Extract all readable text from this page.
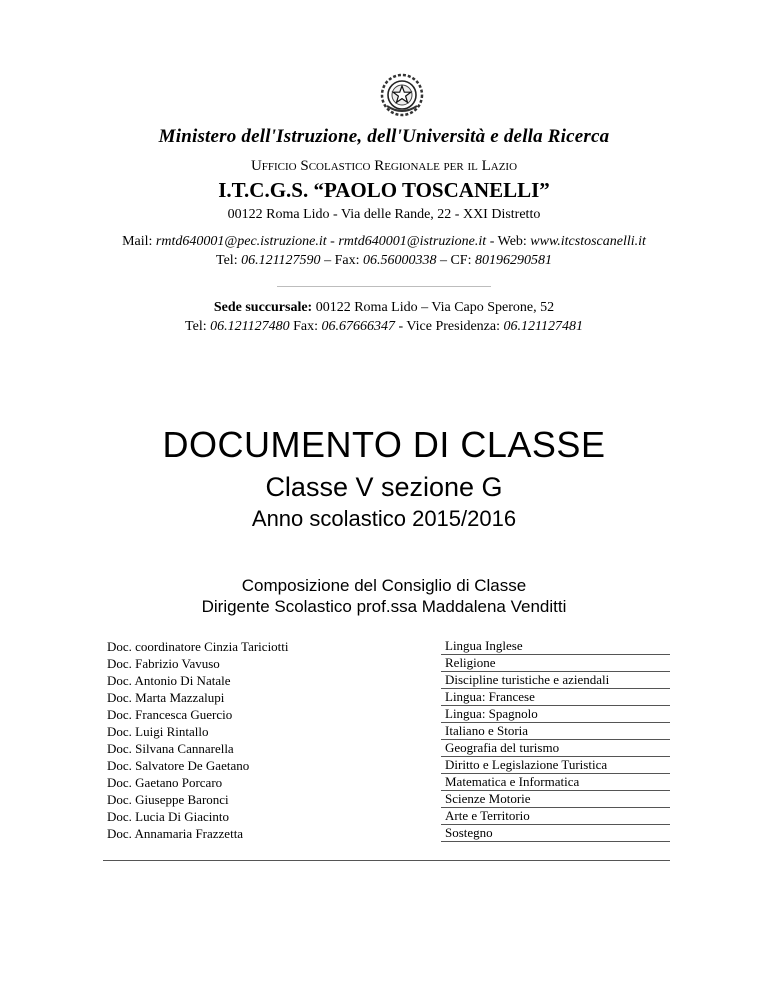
Ministero dell'Istruzione, dell'Università e della Ricerca
Ufficio Scolastico Regionale per il Lazio
I.T.C.G.S. “PAOLO TOSCANELLI”
00122 Roma Lido - Via delle Rande, 22 - XXI Distretto
Mail: rmtd640001@pec.istruzione.it - rmtd640001@istruzione.it - Web: www.itcstoscanelli.it
Tel: 06.121127590 – Fax: 06.56000338 – CF: 80196290581
Sede succursale: 00122 Roma Lido – Via Capo Sperone, 52
Tel: 06.121127480 Fax: 06.67666347 - Vice Presidenza: 06.121127481
DOCUMENTO DI CLASSE
Classe V sezione G
Anno scolastico 2015/2016
Composizione del Consiglio di Classe
Dirigente Scolastico prof.ssa Maddalena Venditti
Doc. coordinatore Cinzia Tariciotti	Lingua Inglese
Doc. Fabrizio Vavuso	Religione
Doc. Antonio Di Natale	Discipline turistiche e aziendali
Doc. Marta Mazzalupi	Lingua: Francese
Doc. Francesca Guercio	Lingua: Spagnolo
Doc. Luigi Rintallo	Italiano e Storia
Doc. Silvana Cannarella	Geografia del turismo
Doc. Salvatore De Gaetano	Diritto e Legislazione Turistica
Doc. Gaetano Porcaro	Matematica e Informatica
Doc. Giuseppe Baronci	Scienze Motorie
Doc. Lucia Di Giacinto	Arte e Territorio
Doc. Annamaria Frazzetta	Sostegno
